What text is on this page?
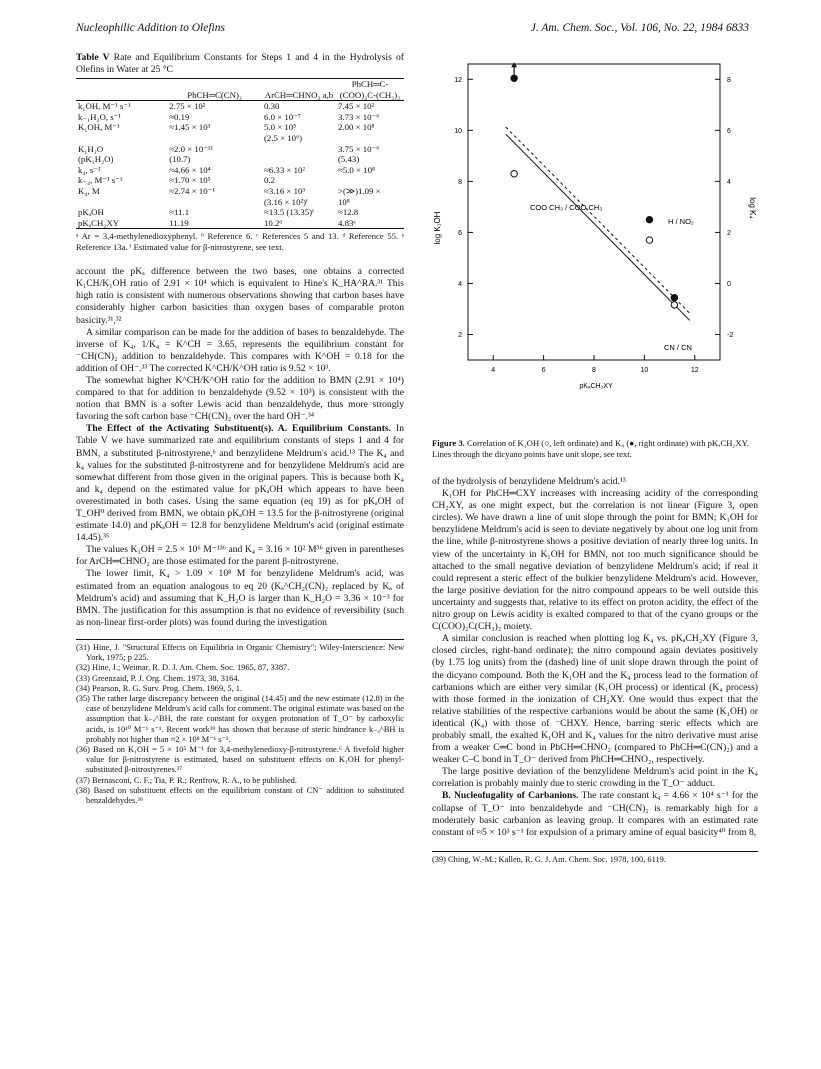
Nucleophilic Addition to Olefins	J. Am. Chem. Soc., Vol. 106, No. 22, 1984 6833
Table V Rate and Equilibrium Constants for Steps 1 and 4 in the Hydrolysis of Olefins in Water at 25 °C
	PhCH═C(CN)₂	ArCH═CHNO₂ a,b	PhCH═C-(COO)₂C-(CH₃)₂
k₁OH, M⁻¹ s⁻¹	2.75 × 10²	0.30	7.45 × 10²
k₋₁H₂O, s⁻¹	≈0.19	6.0 × 10⁻⁷	3.73 × 10⁻⁶
K₁OH, M⁻¹	≈1.45 × 10³	5.0 × 10⁵	2.00 × 10⁸
		(2.5 × 10⁶)	
K₁H₂O	≈2.0 × 10⁻¹¹		3.75 × 10⁻⁶
(pK₁H₂O)	(10.7)		(5.43)
k₄, s⁻¹	≈4.66 × 10⁴	≈6.33 × 10²	≈5.0 × 10⁸
k₋₄, M⁻¹ s⁻¹	≈1.70 × 10⁵	0.2	
K₄, M	≈2.74 × 10⁻¹	≈3.16 × 10³	>(≫)1.09 ×
		(3.16 × 10²)ᶠ	10⁸
pKₐOH	≈11.1	≈13.5 (13.35)ᶠ	≈12.8
pKₐCH₂XY	11.19	10.2ᵈ	4.83ᵉ
ᵃ Ar = 3,4-methylenedioxyphenyl. ᵇ Reference 6. ᶜ References 5 and 13. ᵈ Reference 55. ᵉ Reference 13a. ᶠ Estimated value for β-nitrostyrene, see text.

account the pKₐ difference between the two bases, one obtains a corrected K₁CH/K₁OH ratio of 2.91 × 10⁴ which is equivalent to Hine's K_HA^RA.³¹ This high ratio is consistent with numerous observations showing that carbon bases have considerably higher carbon basicities than oxygen bases of comparable proton basicity.³¹,³²

A similar comparison can be made for the addition of bases to benzaldehyde. The inverse of K₄, 1/K₄ = K^CH = 3.65, represents the equilibrium constant for ⁻CH(CN)₂ addition to benzaldehyde. This compares with K^OH = 0.18 for the addition of OH⁻.³³ The corrected K^CH/K^OH ratio is 9.52 × 10³.

The somewhat higher K^CH/K^OH ratio for the addition to BMN (2.91 × 10⁴) compared to that for addition to benzaldehyde (9.52 × 10³) is consistent with the notion that BMN is a softer Lewis acid than benzaldehyde, thus more strongly favoring the soft carbon base ⁻CH(CN)₂ over the hard OH⁻.³⁴

The Effect of the Activating Substituent(s). A. Equilibrium Constants. In Table V we have summarized rate and equilibrium constants of steps 1 and 4 for BMN, a substituted β-nitrostyrene,⁶ and benzylidene Meldrum's acid.¹³ The K₄ and k₄ values for the substituted β-nitrostyrene and for benzylidene Meldrum's acid are somewhat different from those given in the original papers. This is because both K₄ and k₄ depend on the estimated value for pKₐOH which appears to have been overestimated in both cases. Using the same equation (eq 19) as for pKₐOH of T_OH⁰ derived from BMN, we obtain pKₐOH = 13.5 for the β-nitrostyrene (original estimate 14.0) and pKₐOH = 12.8 for benzylidene Meldrum's acid (original estimate 14.45).³⁵

The values K₁OH = 2.5 × 10⁶ M⁻¹³⁶ and K₄ = 3.16 × 10² M³⁶ given in parentheses for ArCH═CHNO₂ are those estimated for the parent β-nitrostyrene.

The lower limit, K₄ > 1.09 × 10⁸ M for benzylidene Meldrum's acid, was estimated from an equation analogous to eq 20 (Kₐ^CH₂(CN)₂ replaced by Kₐ of Meldrum's acid) and assuming that K_H₂O is larger than K_H₂O = 3.36 × 10⁻³ for BMN. The justification for this assumption is that no evidence of reversibility (such as non-linear first-order plots) was found during the investigation

(31) Hine, J. "Structural Effects on Equilibria in Organic Chemistry"; Wiley-Interscience: New York, 1975; p 225.
(32) Hine, J.; Weimar, R. D. J. Am. Chem. Soc. 1965, 87, 3387.
(33) Greenzaid, P. J. Org. Chem. 1973, 38, 3164.
(34) Pearson, R. G. Surv. Prog. Chem. 1969, 5, 1.
(35) The rather large discrepancy between the original (14.45) and the new estimate (12.8) in the case of benzylidene Meldrum's acid calls for comment. The original estimate was based on the assumption that k₋ₐ^BH, the rate constant for oxygen protonation of T_O⁻ by carboxylic acids, is 10¹⁰ M⁻¹ s⁻¹. Recent work³⁹ has shown that because of steric hindrance k₋ₐ^BH is probably not higher than ≈2 × 10⁸ M⁻¹ s⁻¹.
(36) Based on K₁OH = 5 × 10⁵ M⁻¹ for 3,4-methylenedioxy-β-nitrostyrene.⁶ A fivefold higher value for β-nitrostyrene is estimated, based on substituent effects on K₁OH for phenyl-substituted β-nitrostyrenes.³⁷
(37) Bernasconi, C. F.; Tia, P. R.; Renfrow, R. A., to be published.
(38) Based on substituent effects on the equilibrium constant of CN⁻ addition to substituted benzaldehydes.³⁹
4	6	8	10	12
2
4
6
8
10
12
-2
0
2
4
6
8
log K₁OH
log K₄
pKₐCH₂XY
COO CH₃ / COO CH₃
H / NO₂
CN / CN
Figure 3. Correlation of K₁OH (○, left ordinate) and K₄ (●, right ordinate) with pKₐCH₂XY. Lines through the dicyano points have unit slope, see text.

of the hydrolysis of benzylidene Meldrum's acid.¹³

K₁OH for PhCH═CXY increases with increasing acidity of the corresponding CH₂XY, as one might expect, but the correlation is not linear (Figure 3, open circles). We have drawn a line of unit slope through the point for BMN; K₁OH for benzylidene Meldrum's acid is seen to deviate negatively by about one log unit from the line, while β-nitrostyrene shows a positive deviation of nearly three log units. In view of the uncertainty in K₁OH for BMN, not too much significance should be attached to the small negative deviation of benzylidene Meldrum's acid; if real it could represent a steric effect of the bulkier benzylidene Meldrum's acid. However, the large positive deviation for the nitro compound appears to be well outside this uncertainty and suggests that, relative to its effect on proton acidity, the effect of the nitro group on Lewis acidity is exalted compared to that of the cyano groups or the C(COO)₂C(CH₃)₂ moiety.

A similar conclusion is reached when plotting log K₄ vs. pKₐCH₂XY (Figure 3, closed circles, right-hand ordinate); the nitro compound again deviates positively (by 1.75 log units) from the (dashed) line of unit slope drawn through the point of the dicyano compound. Both the K₁OH and the K₄ process lead to the formation of carbanions which are either very similar (K₁OH process) or identical (K₄ process) with those formed in the ionization of CH₂XY. One would thus expect that the relative stabilities of the respective carbanions would be about the same (K₁OH) or identical (K₄) with those of ⁻CHXY. Hence, barring steric effects which are probably small, the exalted K₁OH and K₄ values for the nitro derivative must arise from a weaker C═C bond in PhCH═CHNO₂ (compared to PhCH═C(CN)₂) and a weaker C–C bond in T_O⁻ derived from PhCH═CHNO₂, respectively.

The large positive deviation of the benzylidene Meldrum's acid point in the K₄ correlation is probably mainly due to steric crowding in the T_O⁻ adduct.

B. Nucleofugality of Carbanions. The rate constant k₄ = 4.66 × 10⁴ s⁻¹ for the collapse of T_O⁻ into benzaldehyde and ⁻CH(CN)₂ is remarkably high for a moderately basic carbanion as leaving group. It compares with an estimated rate constant of ≈5 × 10³ s⁻¹ for expulsion of a primary amine of equal basicity⁴⁰ from 8,

(39) Ching, W.-M.; Kallen, R. G. J. Am. Chem. Soc. 1978, 100, 6119.
